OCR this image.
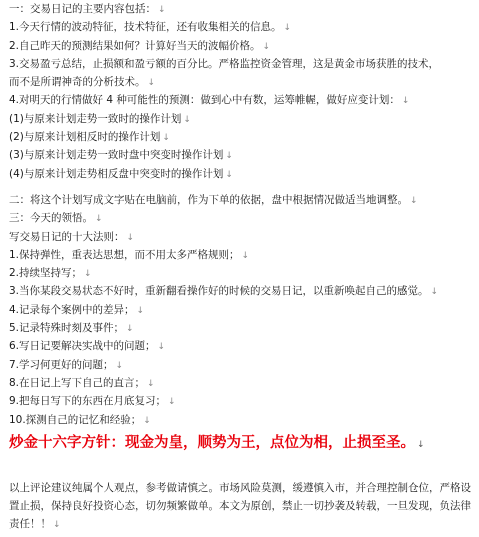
一：交易日记的主要内容包括： ↓
1.今天行情的波动特征，技术特征，还有收集相关的信息。 ↓
2.自己昨天的预测结果如何？计算好当天的波幅价格。 ↓
3.交易盈亏总结，止损额和盈亏额的百分比。严格监控资金管理，这是黄金市场获胜的技术，
而不是所谓神奇的分析技术。 ↓
4.对明天的行情做好 4 种可能性的预测：做到心中有数，运筹帷幄，做好应变计划： ↓
(1)与原来计划走势一致时的操作计划 ↓
(2)与原来计划相反时的操作计划 ↓
(3)与原来计划走势一致时盘中突变时操作计划 ↓
(4)与原来计划走势相反盘中突变时的操作计划 ↓
二：将这个计划写成文字贴在电脑前，作为下单的依据，盘中根据情况做适当地调整。 ↓
三：今天的领悟。 ↓
写交易日记的十大法则： ↓
1.保持弹性，重表达思想，而不用太多严格规则； ↓
2.持续坚持写； ↓
3.当你某段交易状态不好时，重新翻看操作好的时候的交易日记，以重新唤起自己的感觉。 ↓
4.记录每个案例中的差异； ↓
5.记录特殊时刻及事件； ↓
6.写日记要解决实战中的问题； ↓
7.学习何更好的问题； ↓
8.在日记上写下自己的直言； ↓
9.把每日写下的东西在月底复习； ↓
10.探测自己的记忆和经验； ↓
炒金十六字方针：现金为皇，顺势为王，点位为相，止损至圣。 ↓
以上评论建议纯属个人观点，参考做请慎之。市场风险莫测，缓遵慎入市，并合理控制仓位，严格设置止损，保持良好投资心态，切勿频繁做单。本文为原创，禁止一切抄袭及转载，一旦发现，负法律责任！！ ↓
